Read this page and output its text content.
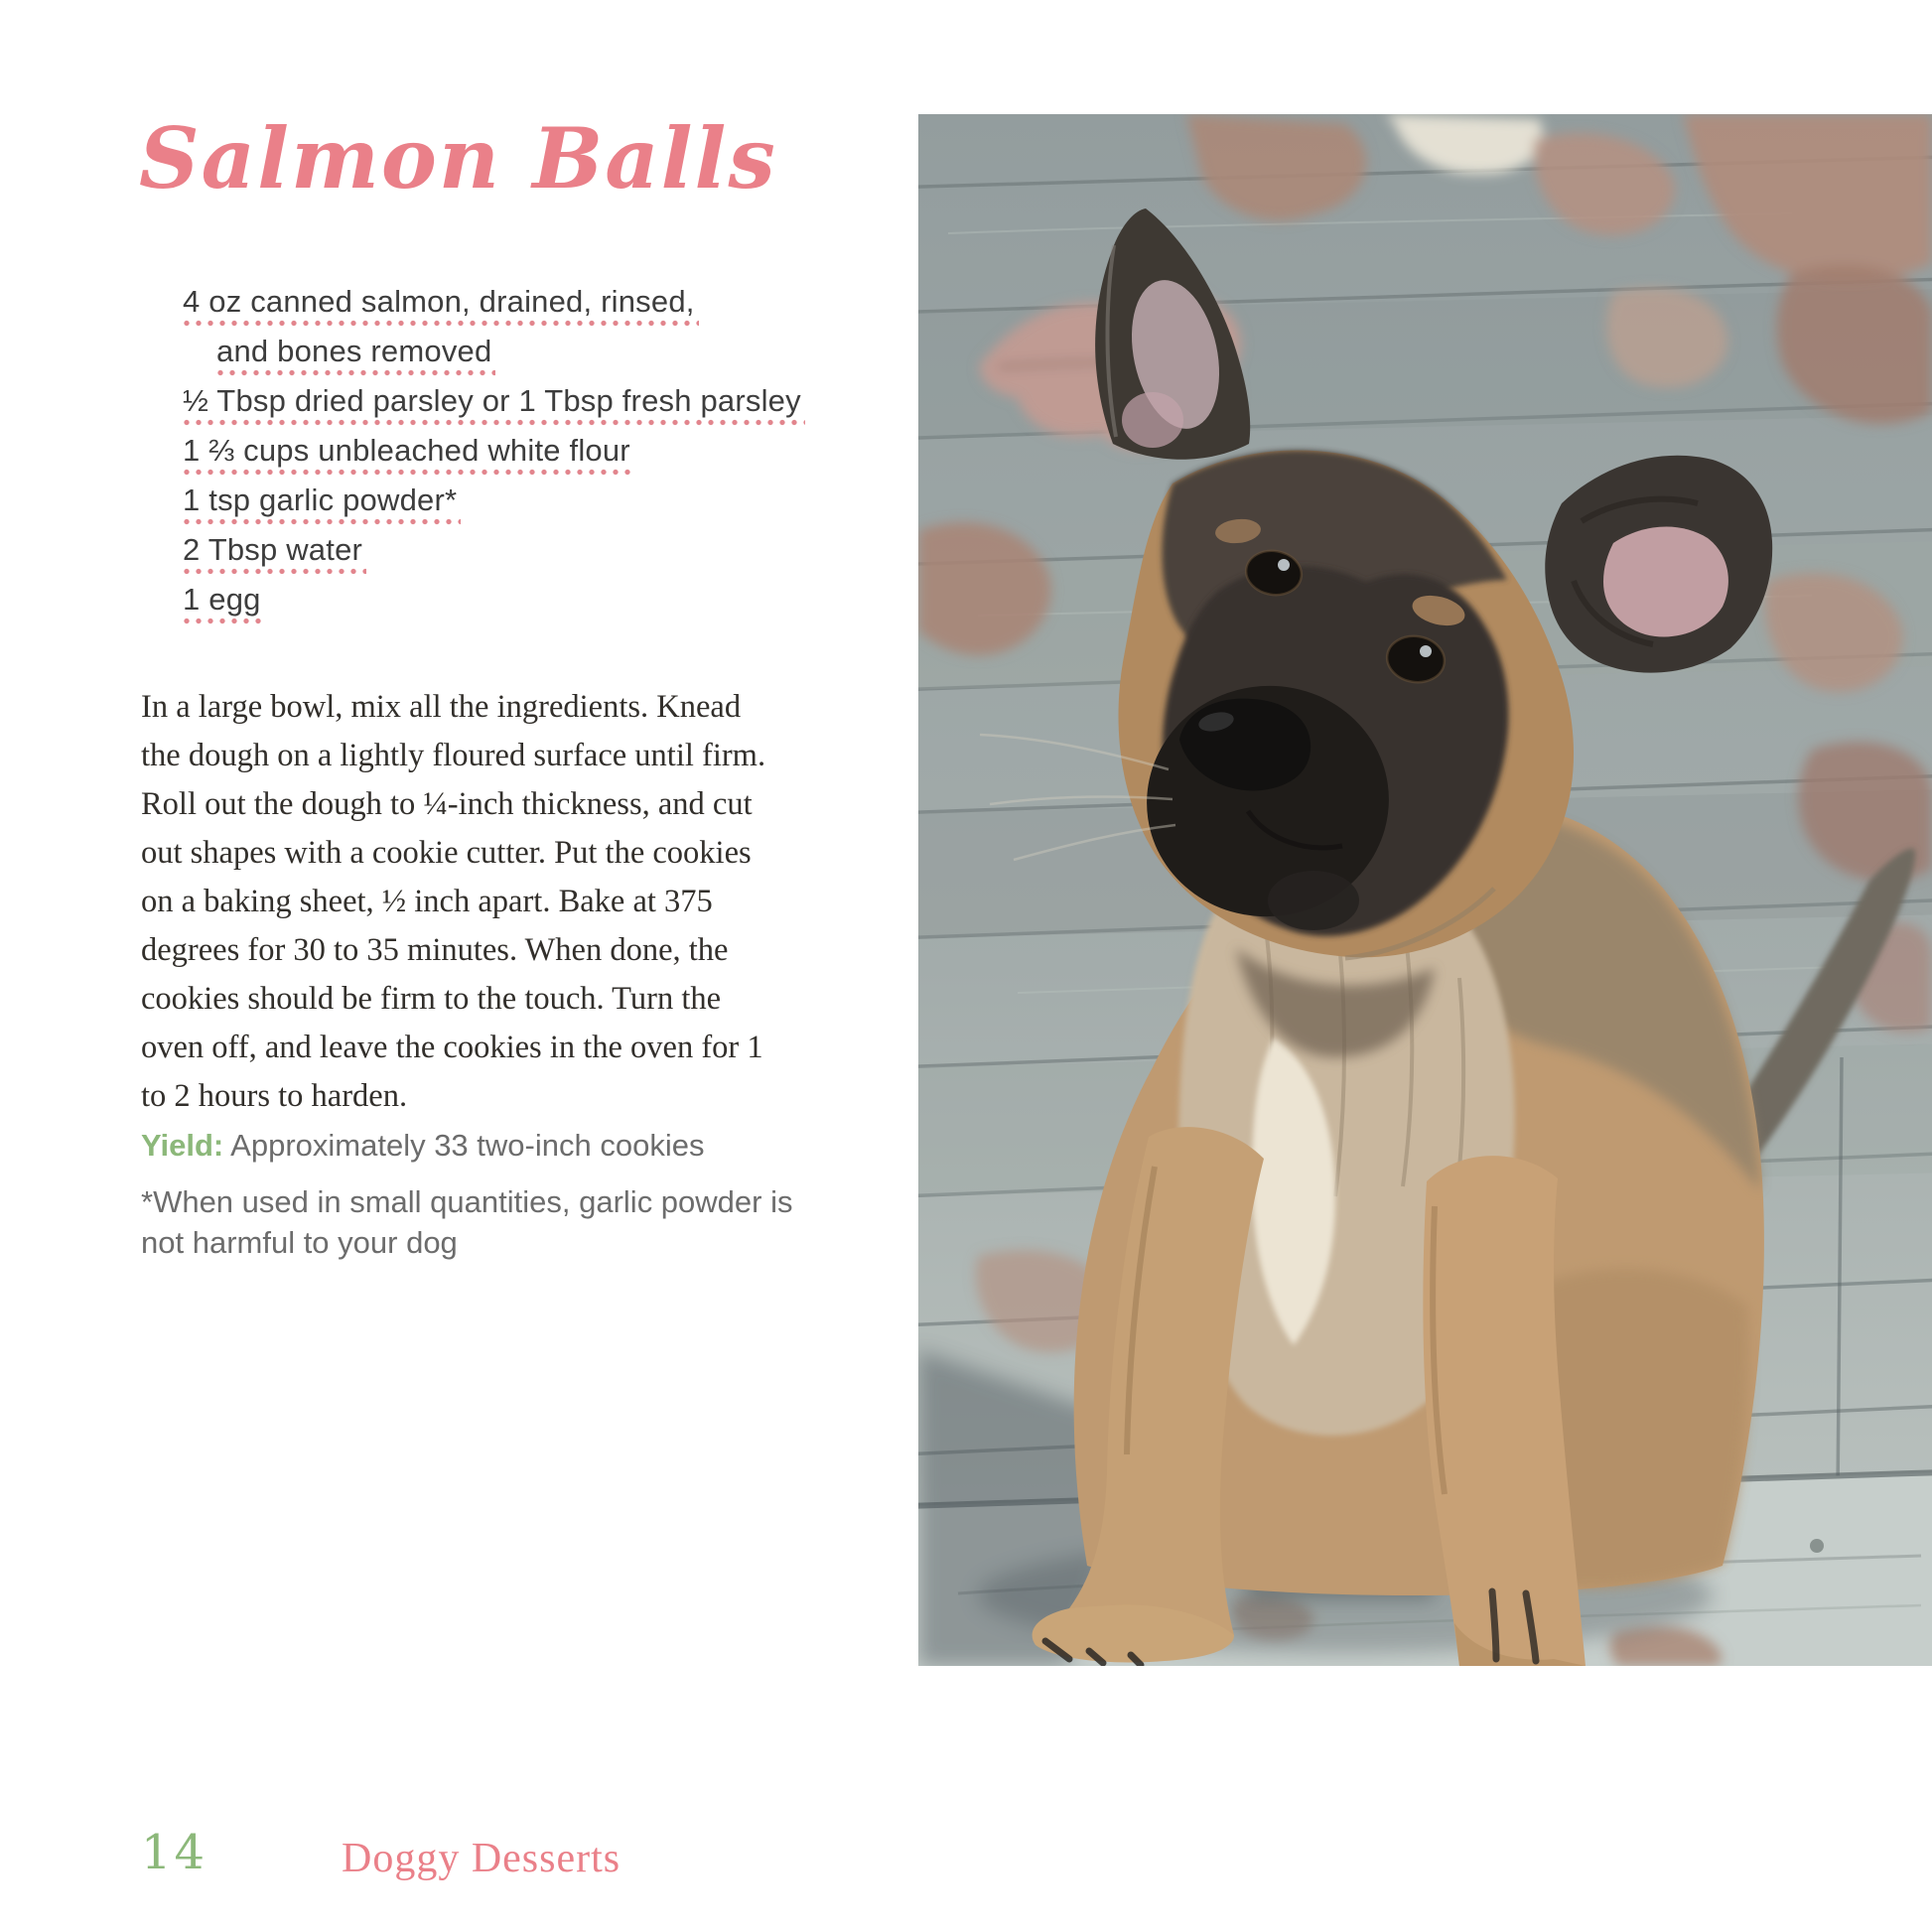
Salmon Balls
4 oz canned salmon, drained, rinsed,
and bones removed
½ Tbsp dried parsley or 1 Tbsp fresh parsley
1 ⅔ cups unbleached white flour
1 tsp garlic powder*
2 Tbsp water
1 egg
In a large bowl, mix all the ingredients. Knead
the dough on a lightly floured surface until firm.
Roll out the dough to ¼-inch thickness, and cut
out shapes with a cookie cutter. Put the cookies
on a baking sheet, ½ inch apart. Bake at 375
degrees for 30 to 35 minutes. When done, the
cookies should be firm to the touch. Turn the
oven off, and leave the cookies in the oven for 1
to 2 hours to harden.
Yield: Approximately 33 two-inch cookies
*When used in small quantities, garlic powder is not harmful to your dog
14	Doggy Desserts
